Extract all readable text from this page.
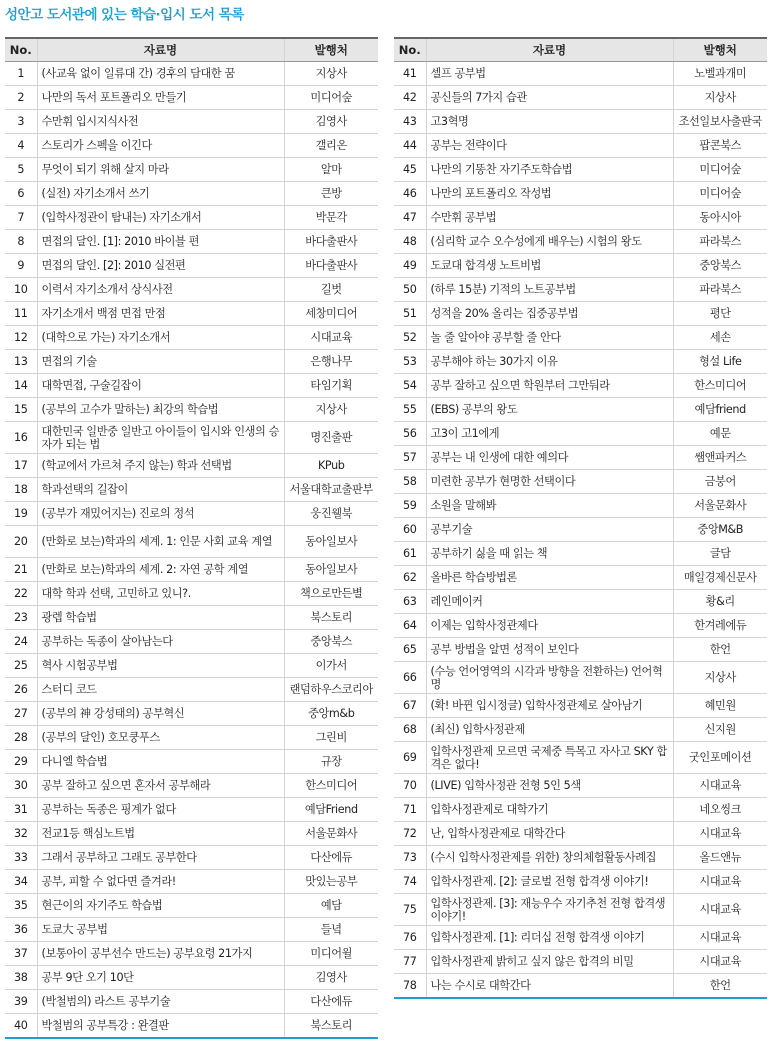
성안고 도서관에 있는 학습·입시 도서 목록
No.	자료명	발행처
1	(사교육 없이 일류대 간) 경후의 담대한 꿈	지상사
2	나만의 독서 포트폴리오 만들기	미디어숲
3	수만휘 입시지식사전	김영사
4	스토리가 스펙을 이긴다	갤리온
5	무엇이 되기 위해 살지 마라	알마
6	(실전) 자기소개서 쓰기	큰방
7	(입학사정관이 탐내는) 자기소개서	박문각
8	면접의 달인. [1]: 2010 바이블 편	바다출판사
9	면접의 달인. [2]: 2010 실전편	바다출판사
10	이력서 자기소개서 상식사전	길벗
11	자기소개서 백점 면접 만점	세창미디어
12	(대학으로 가는) 자기소개서	시대교육
13	면접의 기술	은행나무
14	대학면접, 구술길잡이	타임기획
15	(공부의 고수가 말하는) 최강의 학습법	지상사
16	대한민국 일반중 일반고 아이들이 입시와 인생의 승자가 되는 법	명진출판
17	(학교에서 가르쳐 주지 않는) 학과 선택법	KPub
18	학과선택의 길잡이	서울대학교출판부
19	(공부가 재밌어지는) 진로의 정석	웅진웰북
20	(만화로 보는)학과의 세계. 1: 인문 사회 교육 계열	동아일보사
21	(만화로 보는)학과의 세계. 2: 자연 공학 계열	동아일보사
22	대학 학과 선택, 고민하고 있니?.	책으로만든별
23	광렙 학습법	북스토리
24	공부하는 독종이 살아남는다	중앙북스
25	혁사 시험공부법	이가서
26	스터디 코드	랜덤하우스코리아
27	(공부의 神 강성태의) 공부혁신	중앙m&b
28	(공부의 달인) 호모쿵푸스	그린비
29	다니엘 학습법	규장
30	공부 잘하고 싶으면 혼자서 공부해라	한스미디어
31	공부하는 독종은 핑계가 없다	예담Friend
32	전교1등 핵심노트법	서울문화사
33	그래서 공부하고 그래도 공부한다	다산에듀
34	공부, 피할 수 없다면 즐겨라!	맛있는공부
35	현근이의 자기주도 학습법	예담
36	도쿄大 공부법	들녘
37	(보통아이 공부선수 만드는) 공부요령 21가지	미디어윌
38	공부 9단 오기 10단	김영사
39	(박철범의) 라스트 공부기술	다산에듀
40	박철범의 공부특강 : 완결판	북스토리
No.	자료명	발행처
41	셀프 공부법	노벨과개미
42	공신들의 7가지 습관	지상사
43	고3혁명	조선일보사출판국
44	공부는 전략이다	팝콘북스
45	나만의 기똥찬 자기주도학습법	미디어숲
46	나만의 포트폴리오 작성법	미디어숲
47	수만휘 공부법	동아시아
48	(심리학 교수 오수성에게 배우는) 시험의 왕도	파라북스
49	도쿄대 합격생 노트비법	중앙북스
50	(하루 15분) 기적의 노트공부법	파라북스
51	성적을 20% 올리는 집중공부법	평단
52	놀 줄 알아야 공부할 줄 안다	세손
53	공부해야 하는 30가지 이유	형설 Life
54	공부 잘하고 싶으면 학원부터 그만둬라	한스미디어
55	(EBS) 공부의 왕도	예담friend
56	고3이 고1에게	예문
57	공부는 내 인생에 대한 예의다	쌤앤파커스
58	미련한 공부가 현명한 선택이다	금붕어
59	소원을 말해봐	서울문화사
60	공부기술	중앙M&B
61	공부하기 싫을 때 읽는 책	글담
62	올바른 학습방법론	매일경제신문사
63	레인메이커	황&리
64	이제는 입학사정관제다	한겨레에듀
65	공부 방법을 알면 성적이 보인다	한언
66	(수능 언어영역의 시각과 방향을 전환하는) 언어혁명	지상사
67	(확! 바뀐 입시정글) 입학사정관제로 살아남기	혜민원
68	(최신) 입학사정관제	신지원
69	입학사정관제 모르면 국제중 특목고 자사고 SKY 합격은 없다!	굿인포메이션
70	(LIVE) 입학사정관 전형 5인 5색	시대교육
71	입학사정관제로 대학가기	네오씽크
72	난, 입학사정관제로 대학간다	시대교육
73	(수시 입학사정관제를 위한) 창의체험활동사례집	올드앤뉴
74	입학사정관제. [2]: 글로벌 전형 합격생 이야기!	시대교육
75	입학사정관제. [3]: 재능우수 자기추천 전형 합격생 이야기!	시대교육
76	입학사정관제. [1]: 리더십 전형 합격생 이야기	시대교육
77	입학사정관제 밝히고 싶지 않은 합격의 비밀	시대교육
78	나는 수시로 대학간다	한언
